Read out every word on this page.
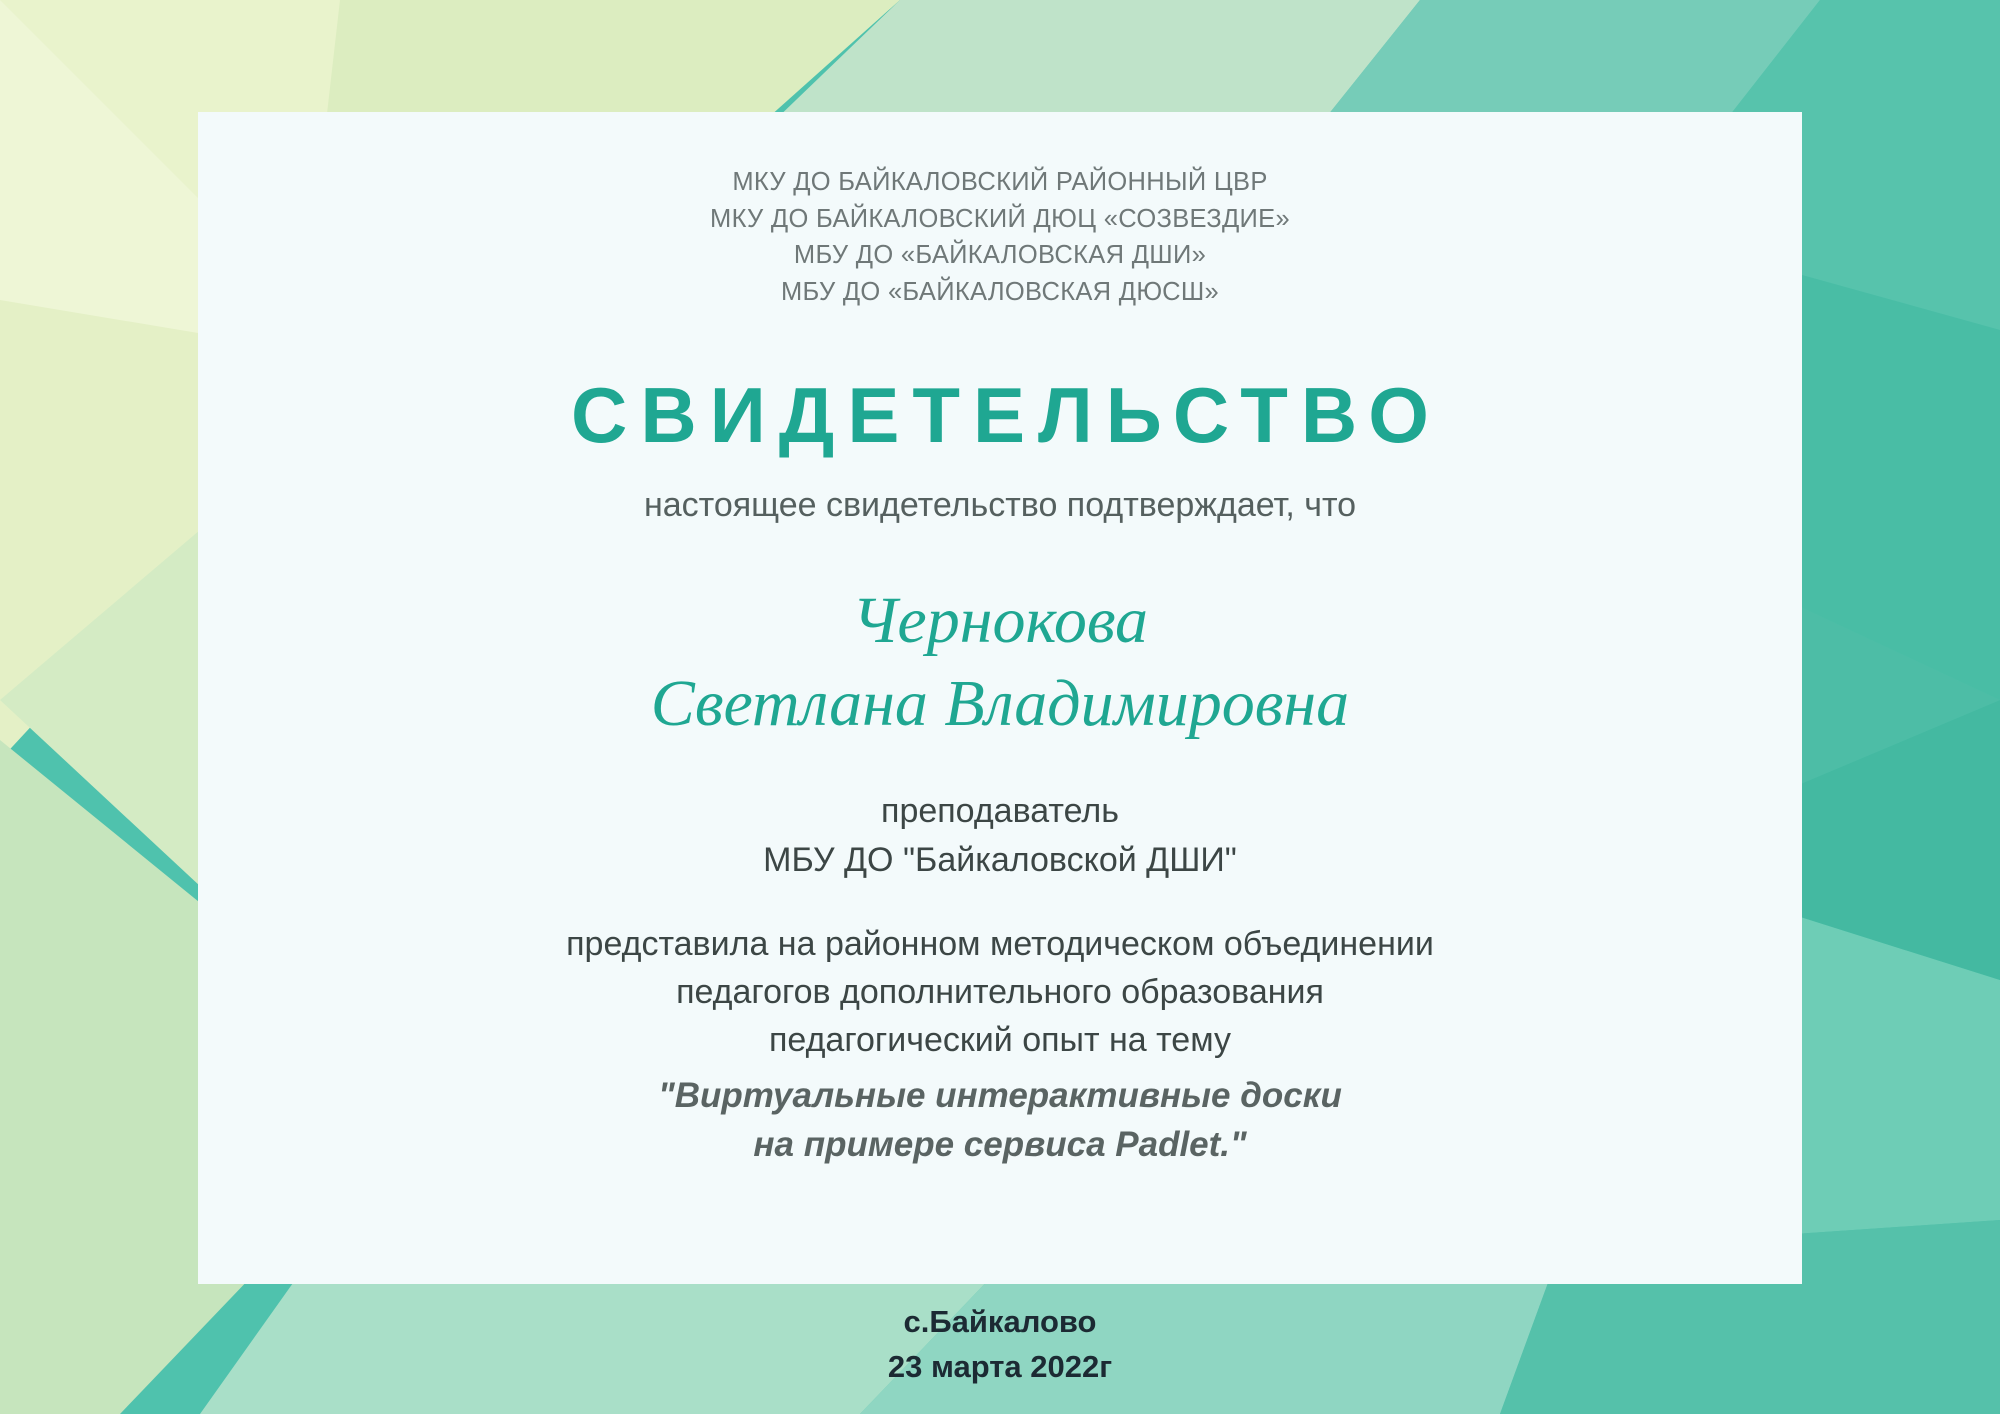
МКУ ДО БАЙКАЛОВСКИЙ РАЙОННЫЙ ЦВР
МКУ ДО БАЙКАЛОВСКИЙ ДЮЦ «СОЗВЕЗДИЕ»
МБУ ДО «БАЙКАЛОВСКАЯ ДШИ»
МБУ ДО «БАЙКАЛОВСКАЯ ДЮСШ»
СВИДЕТЕЛЬСТВО
настоящее свидетельство подтверждает, что
Чернокова
Светлана Владимировна
преподаватель
МБУ ДО "Байкаловской ДШИ"
представила на районном методическом объединении
педагогов дополнительного образования
педагогический опыт на тему
"Виртуальные интерактивные доски
на примере сервиса Padlet."
с.Байкалово
23 марта 2022г
